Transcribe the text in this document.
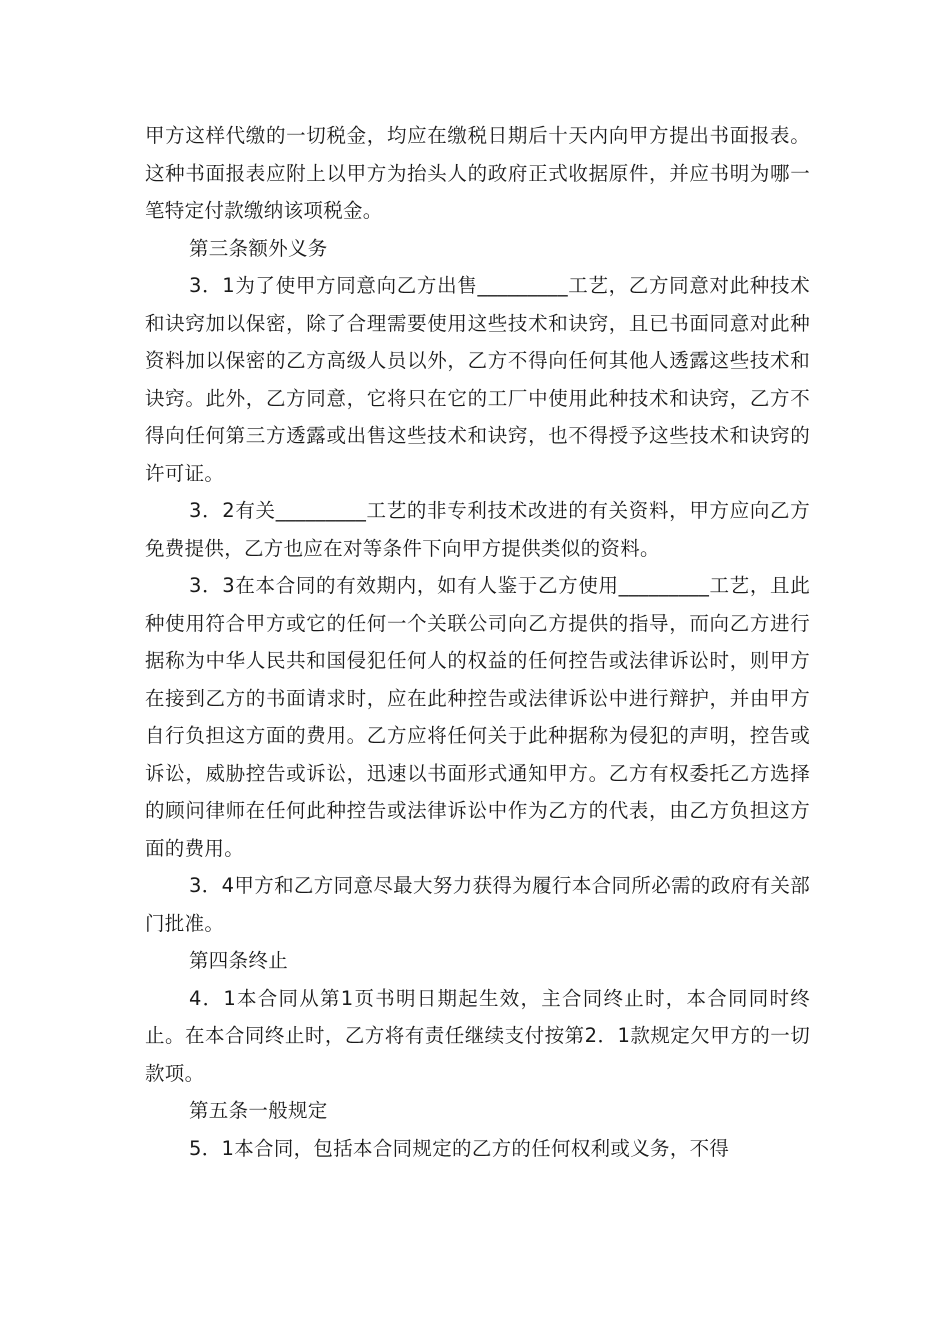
甲方这样代缴的一切税金，均应在缴税日期后十天内向甲方提出书面报表。这种书面报表应附上以甲方为抬头人的政府正式收据原件，并应书明为哪一笔特定付款缴纳该项税金。

第三条额外义务

3．1为了使甲方同意向乙方出售_________工艺，乙方同意对此种技术和诀窍加以保密，除了合理需要使用这些技术和诀窍，且已书面同意对此种资料加以保密的乙方高级人员以外，乙方不得向任何其他人透露这些技术和诀窍。此外，乙方同意，它将只在它的工厂中使用此种技术和诀窍，乙方不得向任何第三方透露或出售这些技术和诀窍，也不得授予这些技术和诀窍的许可证。

3．2有关_________工艺的非专利技术改进的有关资料，甲方应向乙方免费提供，乙方也应在对等条件下向甲方提供类似的资料。

3．3在本合同的有效期内，如有人鉴于乙方使用_________工艺，且此种使用符合甲方或它的任何一个关联公司向乙方提供的指导，而向乙方进行据称为中华人民共和国侵犯任何人的权益的任何控告或法律诉讼时，则甲方在接到乙方的书面请求时，应在此种控告或法律诉讼中进行辩护，并由甲方自行负担这方面的费用。乙方应将任何关于此种据称为侵犯的声明，控告或诉讼，威胁控告或诉讼，迅速以书面形式通知甲方。乙方有权委托乙方选择的顾问律师在任何此种控告或法律诉讼中作为乙方的代表，由乙方负担这方面的费用。

3．4甲方和乙方同意尽最大努力获得为履行本合同所必需的政府有关部门批准。

第四条终止

4．1本合同从第1页书明日期起生效，主合同终止时，本合同同时终止。在本合同终止时，乙方将有责任继续支付按第2．1款规定欠甲方的一切款项。

第五条一般规定

5．1本合同，包括本合同规定的乙方的任何权利或义务，不得
